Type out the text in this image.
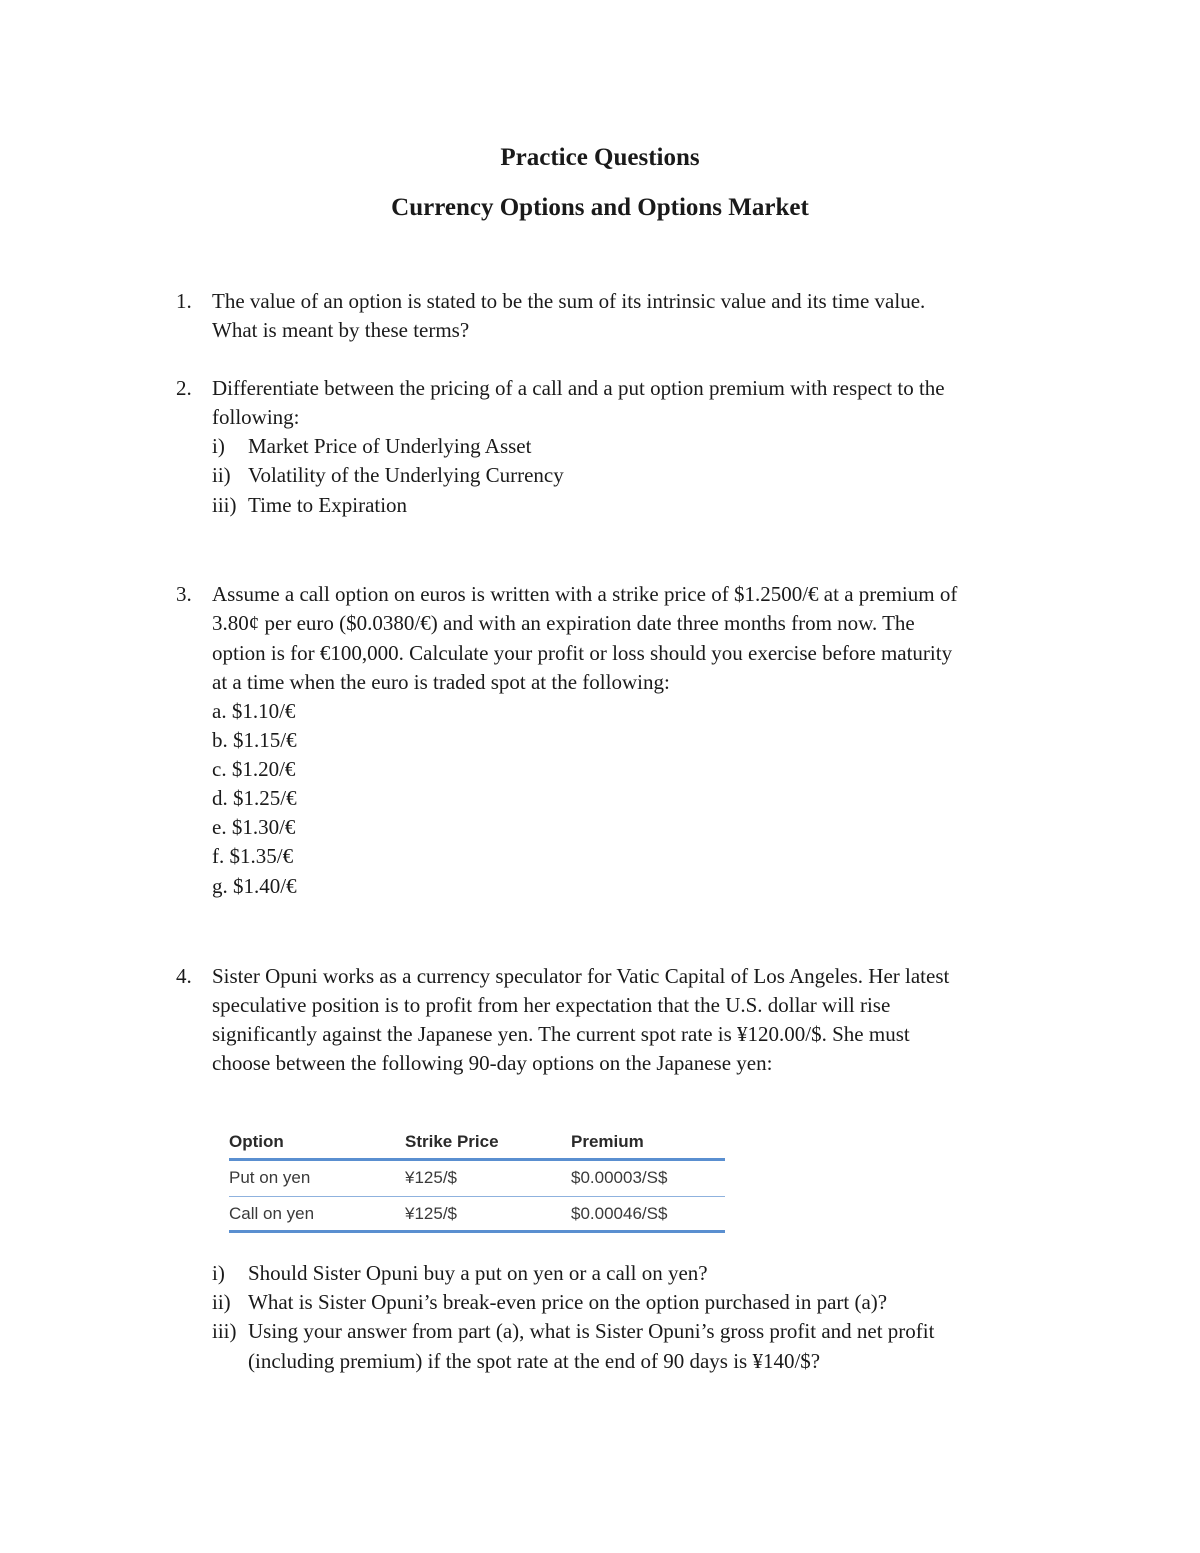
Practice Questions
Currency Options and Options Market
1. The value of an option is stated to be the sum of its intrinsic value and its time value.
What is meant by these terms?
2. Differentiate between the pricing of a call and a put option premium with respect to the
following:
i) Market Price of Underlying Asset
ii) Volatility of the Underlying Currency
iii) Time to Expiration
3. Assume a call option on euros is written with a strike price of $1.2500/€ at a premium of
3.80¢ per euro ($0.0380/€) and with an expiration date three months from now. The
option is for €100,000. Calculate your profit or loss should you exercise before maturity
at a time when the euro is traded spot at the following:
a. $1.10/€
b. $1.15/€
c. $1.20/€
d. $1.25/€
e. $1.30/€
f. $1.35/€
g. $1.40/€
4. Sister Opuni works as a currency speculator for Vatic Capital of Los Angeles. Her latest
speculative position is to profit from her expectation that the U.S. dollar will rise
significantly against the Japanese yen. The current spot rate is ¥120.00/$. She must
choose between the following 90-day options on the Japanese yen:
Option	Strike Price	Premium
Put on yen	¥125/$	$0.00003/S$
Call on yen	¥125/$	$0.00046/S$
i) Should Sister Opuni buy a put on yen or a call on yen?
ii) What is Sister Opuni’s break-even price on the option purchased in part (a)?
iii) Using your answer from part (a), what is Sister Opuni’s gross profit and net profit
(including premium) if the spot rate at the end of 90 days is ¥140/$?
